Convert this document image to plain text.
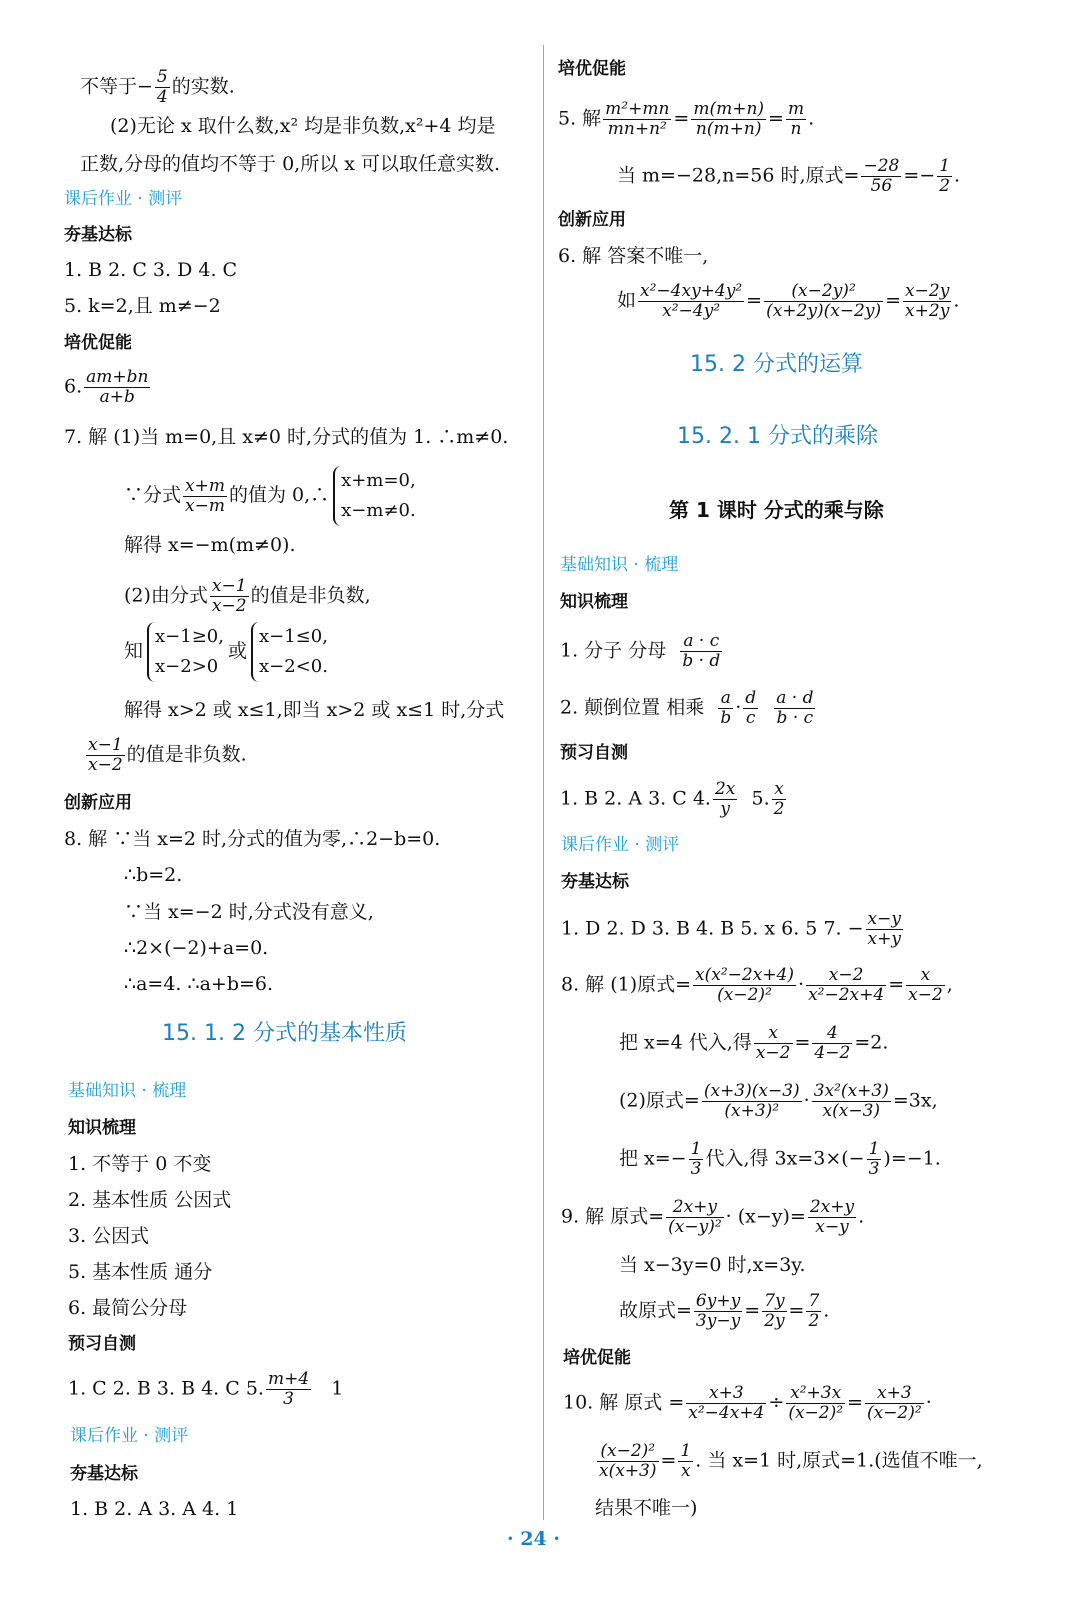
不等于− $\frac{5}{4}$ 的实数.
(2)无论 x 取什么数,x² 均是非负数,x²+4 均是
正数,分母的值均不等于 0,所以 x 可以取任意实数.
课后作业 · 测评
夯基达标
1. B 2. C 3. D 4. C
5. k=2,且 m≠−2
培优促能
6. $\frac{am+bn}{a+b}$
7. 解 (1)当 m=0,且 x≠0 时,分式的值为 1. ∴m≠0.
∵分式 $\frac{x+m}{x-m}$ 的值为 0,∴
x+m=0,
x−m≠0.
解得 x=−m(m≠0).
(2)由分式 $\frac{x-1}{x-2}$ 的值是非负数,
知
x−1≥0,
x−2>0
或
x−1≤0,
x−2<0.
解得 x>2 或 x≤1,即当 x>2 或 x≤1 时,分式
$\frac{x-1}{x-2}$ 的值是非负数.
创新应用
8. 解 ∵当 x=2 时,分式的值为零,∴2−b=0.
∴b=2.
∵当 x=−2 时,分式没有意义,
∴2×(−2)+a=0.
∴a=4. ∴a+b=6.
15. 1. 2 分式的基本性质
基础知识 · 梳理
知识梳理
1. 不等于 0 不变
2. 基本性质 公因式
3. 公因式
5. 基本性质 通分
6. 最简公分母
预习自测
1. C 2. B 3. B 4. C 5. $\frac{m+4}{3} 1$
课后作业 · 测评
夯基达标
1. B 2. A 3. A 4. 1
培优促能
5. 解 $\frac{\text{m²+mn}}{\text{mn+n²}} = \frac{m(m+n)}{n(m+n)} = \frac{m}{n}$ .
当 m=−28,n=56 时,原式= $\frac{-28}{56} =- \frac{1}{2}$ .
创新应用
6. 解 答案不唯一,
如 $\frac{\text{x²−4xy+4y²}}{\text{x²−4y²}} = \frac{\text{(x−2y)²}}{(x+2y)(x-2y)} = \frac{x-2y}{x+2y}$ .
15. 2 分式的运算
15. 2. 1 分式的乘除
第 1 课时 分式的乘与除
基础知识 · 梳理
知识梳理
1. 分子 分母 $\frac{a \cdot c}{b \cdot d}$
2. 颠倒位置 相乘 $\frac{a}{b} \cdot \frac{d}{c}$
$\frac{a \cdot d}{b \cdot c}$
预习自测
1. B 2. A 3. C 4. $\frac{2x}{y} 5$. $\frac{x}{2}$
课后作业 · 测评
夯基达标
1. D 2. D 3. B 4. B 5. x 6. 5 7. − $\frac{x-y}{x+y}$
8. 解 (1)原式= $\frac{\text{x(x²−2x+4)}}{\text{(x−2)²}} \cdot \frac{x-2}{\text{x²−2x+4}} = \frac{x}{x-2}$ ,
把 x=4 代入,得 $\frac{x}{x-2} = \frac{4}{4-2} =2$.
(2)原式= $\frac{(x+3)(x-3)}{\text{(x+3)²}} \cdot \frac{\text{3x²(x+3)}}{x(x-3)} =3x$,
把 $x=- \frac{1}{3}$ 代入,得 $3x=3\times(- \frac{1}{3} )=-1$.
9. 解 原式= $\frac{2x+y}{\text{(x−y)²}} \cdot (x-y)= \frac{2x+y}{x-y}$ .
当 x−3y=0 时,x=3y.
故原式= $\frac{6y+y}{3y-y} = \frac{7y}{2y} = \frac{7}{2}$ .
培优促能
10. 解 原式 = $\frac{x+3}{\text{x²−4x+4}} \div \frac{\text{x²+3x}}{\text{(x−2)²}} = \frac{x+3}{\text{(x−2)²}}$ ·
$\frac{\text{(x−2)²}}{x(x+3)} = \frac{1}{x}$ . 当 x=1 时,原式=1.(选值不唯一,
结果不唯一)
· 24 ·
